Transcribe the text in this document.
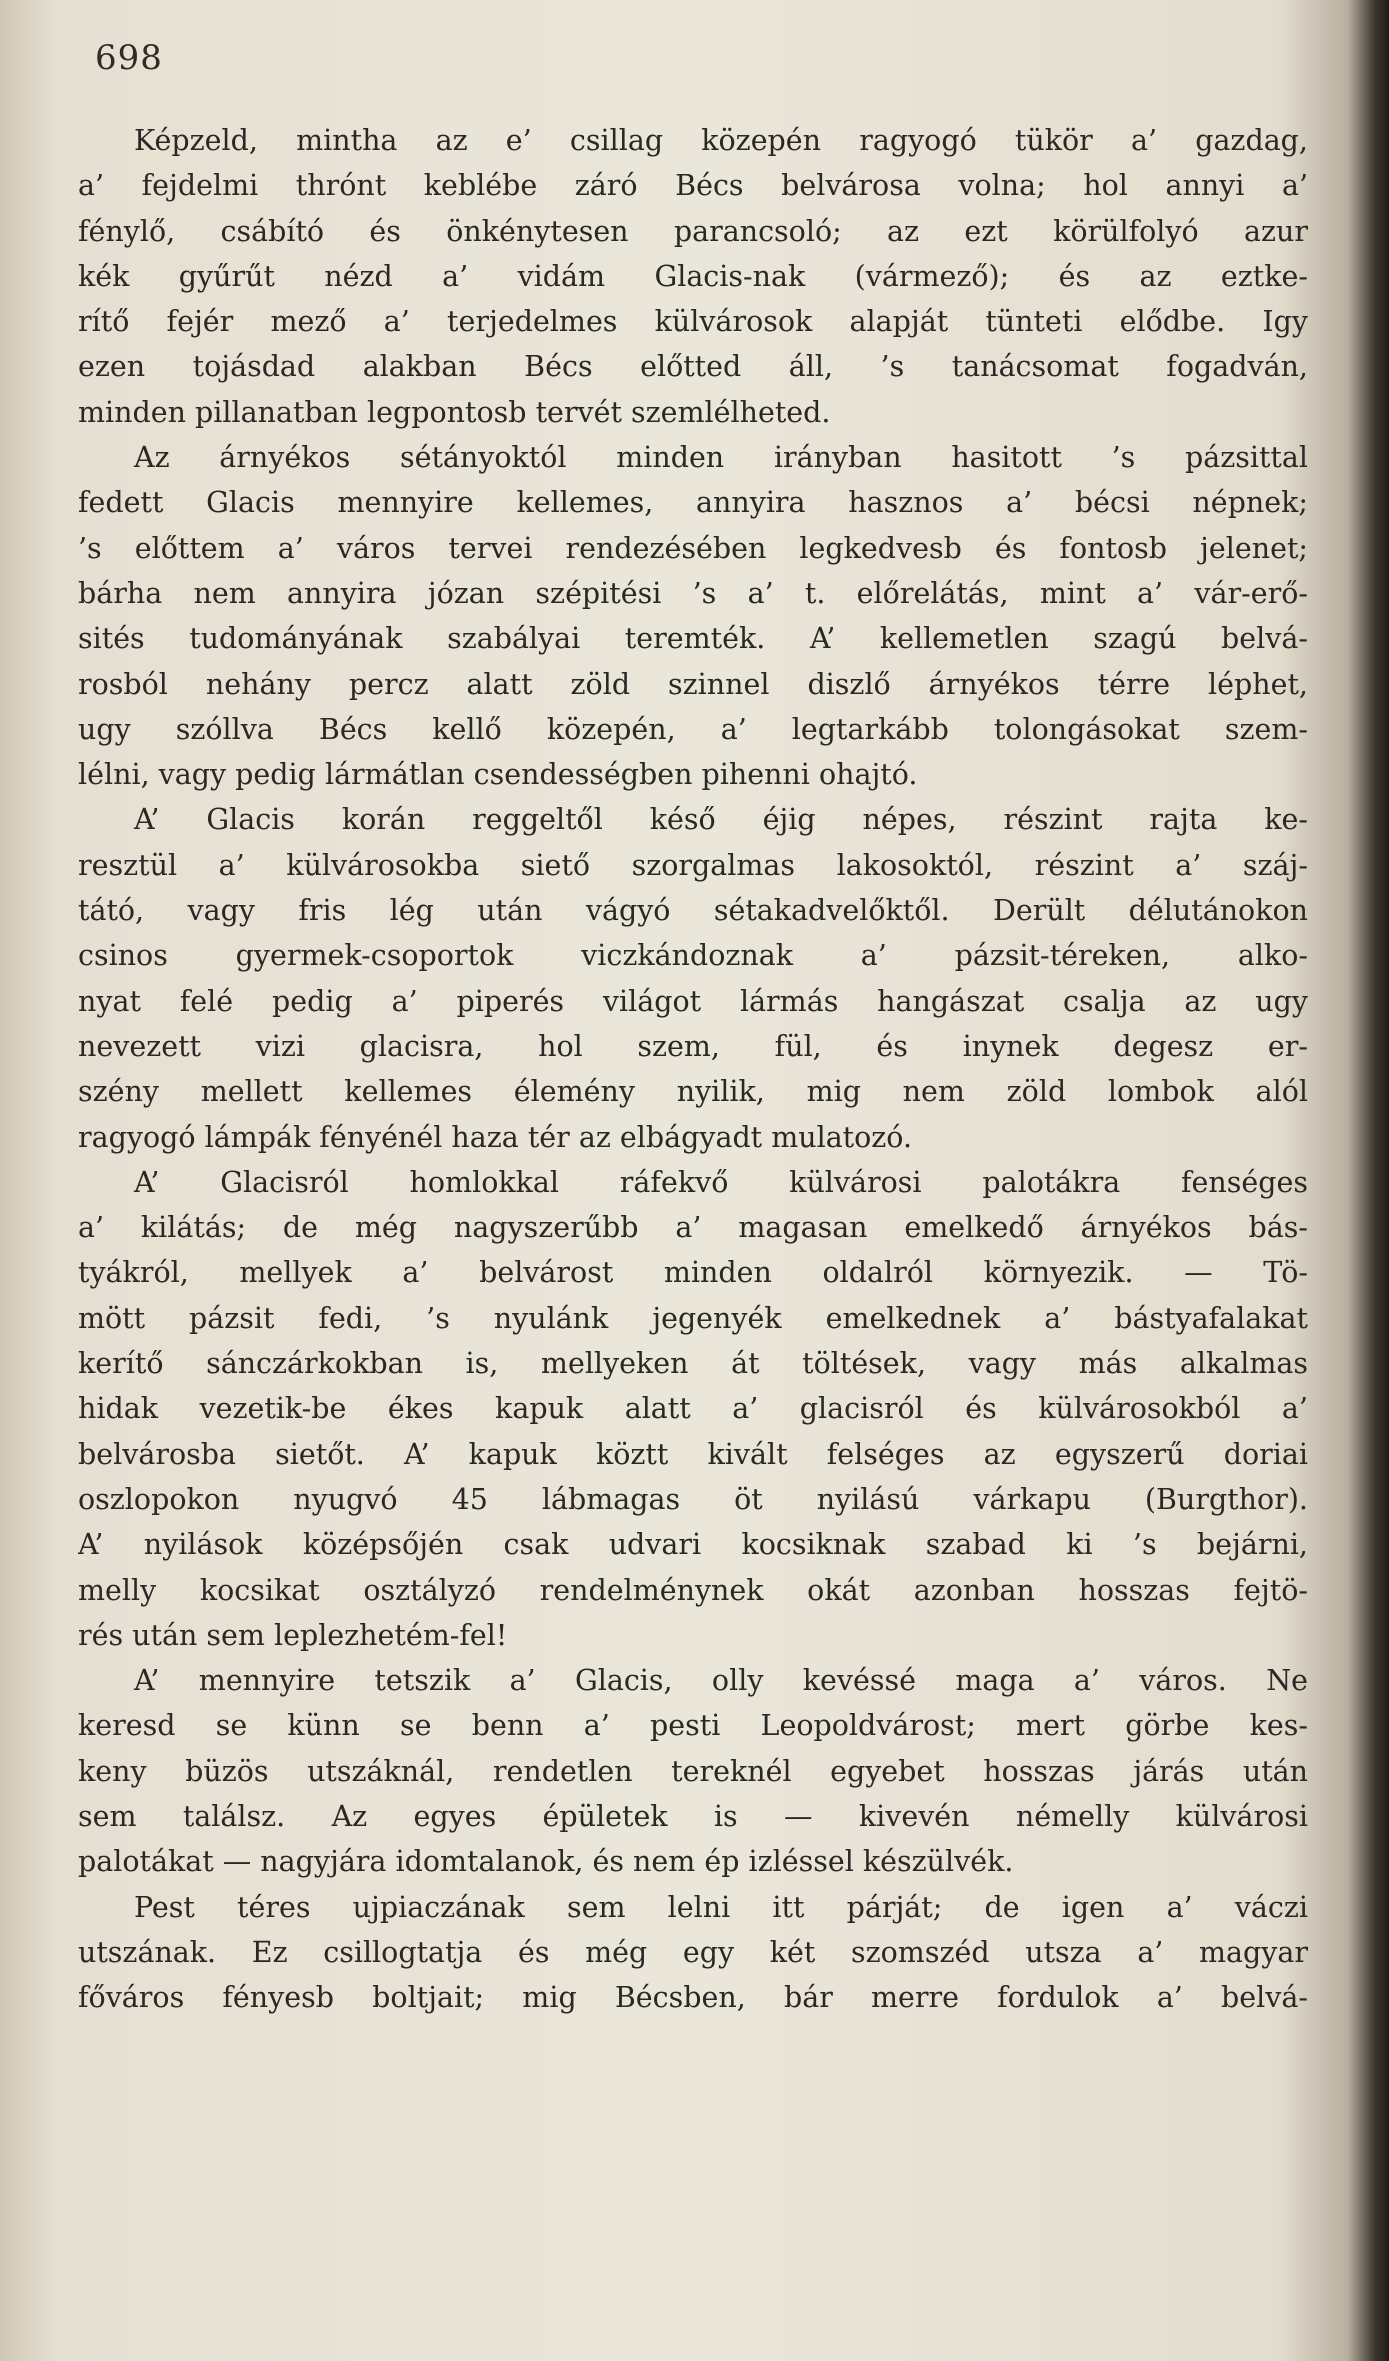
698
Képzeld, mintha az e’ csillag közepén ragyogó tükör a’ gazdag,
a’ fejdelmi thrónt keblébe záró Bécs belvárosa volna; hol annyi a’
fénylő, csábító és önkénytesen parancsoló; az ezt körülfolyó azur
kék gyűrűt nézd a’ vidám Glacis-nak (vármező); és az eztke-
rítő fejér mező a’ terjedelmes külvárosok alapját tünteti elődbe. Igy
ezen tojásdad alakban Bécs előtted áll, ’s tanácsomat fogadván,
minden pillanatban legpontosb tervét szemlélheted.
Az árnyékos sétányoktól minden irányban hasitott ’s pázsittal
fedett Glacis mennyire kellemes, annyira hasznos a’ bécsi népnek;
’s előttem a’ város tervei rendezésében legkedvesb és fontosb jelenet;
bárha nem annyira józan szépitési ’s a’ t. előrelátás, mint a’ vár-erő-
sités tudományának szabályai teremték. A’ kellemetlen szagú belvá-
rosból nehány percz alatt zöld szinnel diszlő árnyékos térre léphet,
ugy szóllva Bécs kellő közepén, a’ legtarkább tolongásokat szem-
lélni, vagy pedig lármátlan csendességben pihenni ohajtó.
A’ Glacis korán reggeltől késő éjig népes, részint rajta ke-
resztül a’ külvárosokba siető szorgalmas lakosoktól, részint a’ száj-
tátó, vagy fris lég után vágyó sétakadvelőktől. Derült délutánokon
csinos gyermek-csoportok viczkándoznak a’ pázsit-téreken, alko-
nyat felé pedig a’ piperés világot lármás hangászat csalja az ugy
nevezett vizi glacisra, hol szem, fül, és inynek degesz er-
szény mellett kellemes élemény nyilik, mig nem zöld lombok alól
ragyogó lámpák fényénél haza tér az elbágyadt mulatozó.
A’ Glacisról homlokkal ráfekvő külvárosi palotákra fenséges
a’ kilátás; de még nagyszerűbb a’ magasan emelkedő árnyékos bás-
tyákról, mellyek a’ belvárost minden oldalról környezik. — Tö-
mött pázsit fedi, ’s nyulánk jegenyék emelkednek a’ bástyafalakat
kerítő sánczárkokban is, mellyeken át töltések, vagy más alkalmas
hidak vezetik-be ékes kapuk alatt a’ glacisról és külvárosokból a’
belvárosba sietőt. A’ kapuk köztt kivált felséges az egyszerű doriai
oszlopokon nyugvó 45 lábmagas öt nyilású várkapu (Burgthor).
A’ nyilások középsőjén csak udvari kocsiknak szabad ki ’s bejárni,
melly kocsikat osztályzó rendelménynek okát azonban hosszas fejtö-
rés után sem leplezhetém-fel!
A’ mennyire tetszik a’ Glacis, olly kevéssé maga a’ város. Ne
keresd se künn se benn a’ pesti Leopoldvárost; mert görbe kes-
keny büzös utszáknál, rendetlen tereknél egyebet hosszas járás után
sem találsz. Az egyes épületek is — kivevén némelly külvárosi
palotákat — nagyjára idomtalanok, és nem ép izléssel készülvék.
Pest téres ujpiaczának sem lelni itt párját; de igen a’ váczi
utszának. Ez csillogtatja és még egy két szomszéd utsza a’ magyar
főváros fényesb boltjait; mig Bécsben, bár merre fordulok a’ belvá-
